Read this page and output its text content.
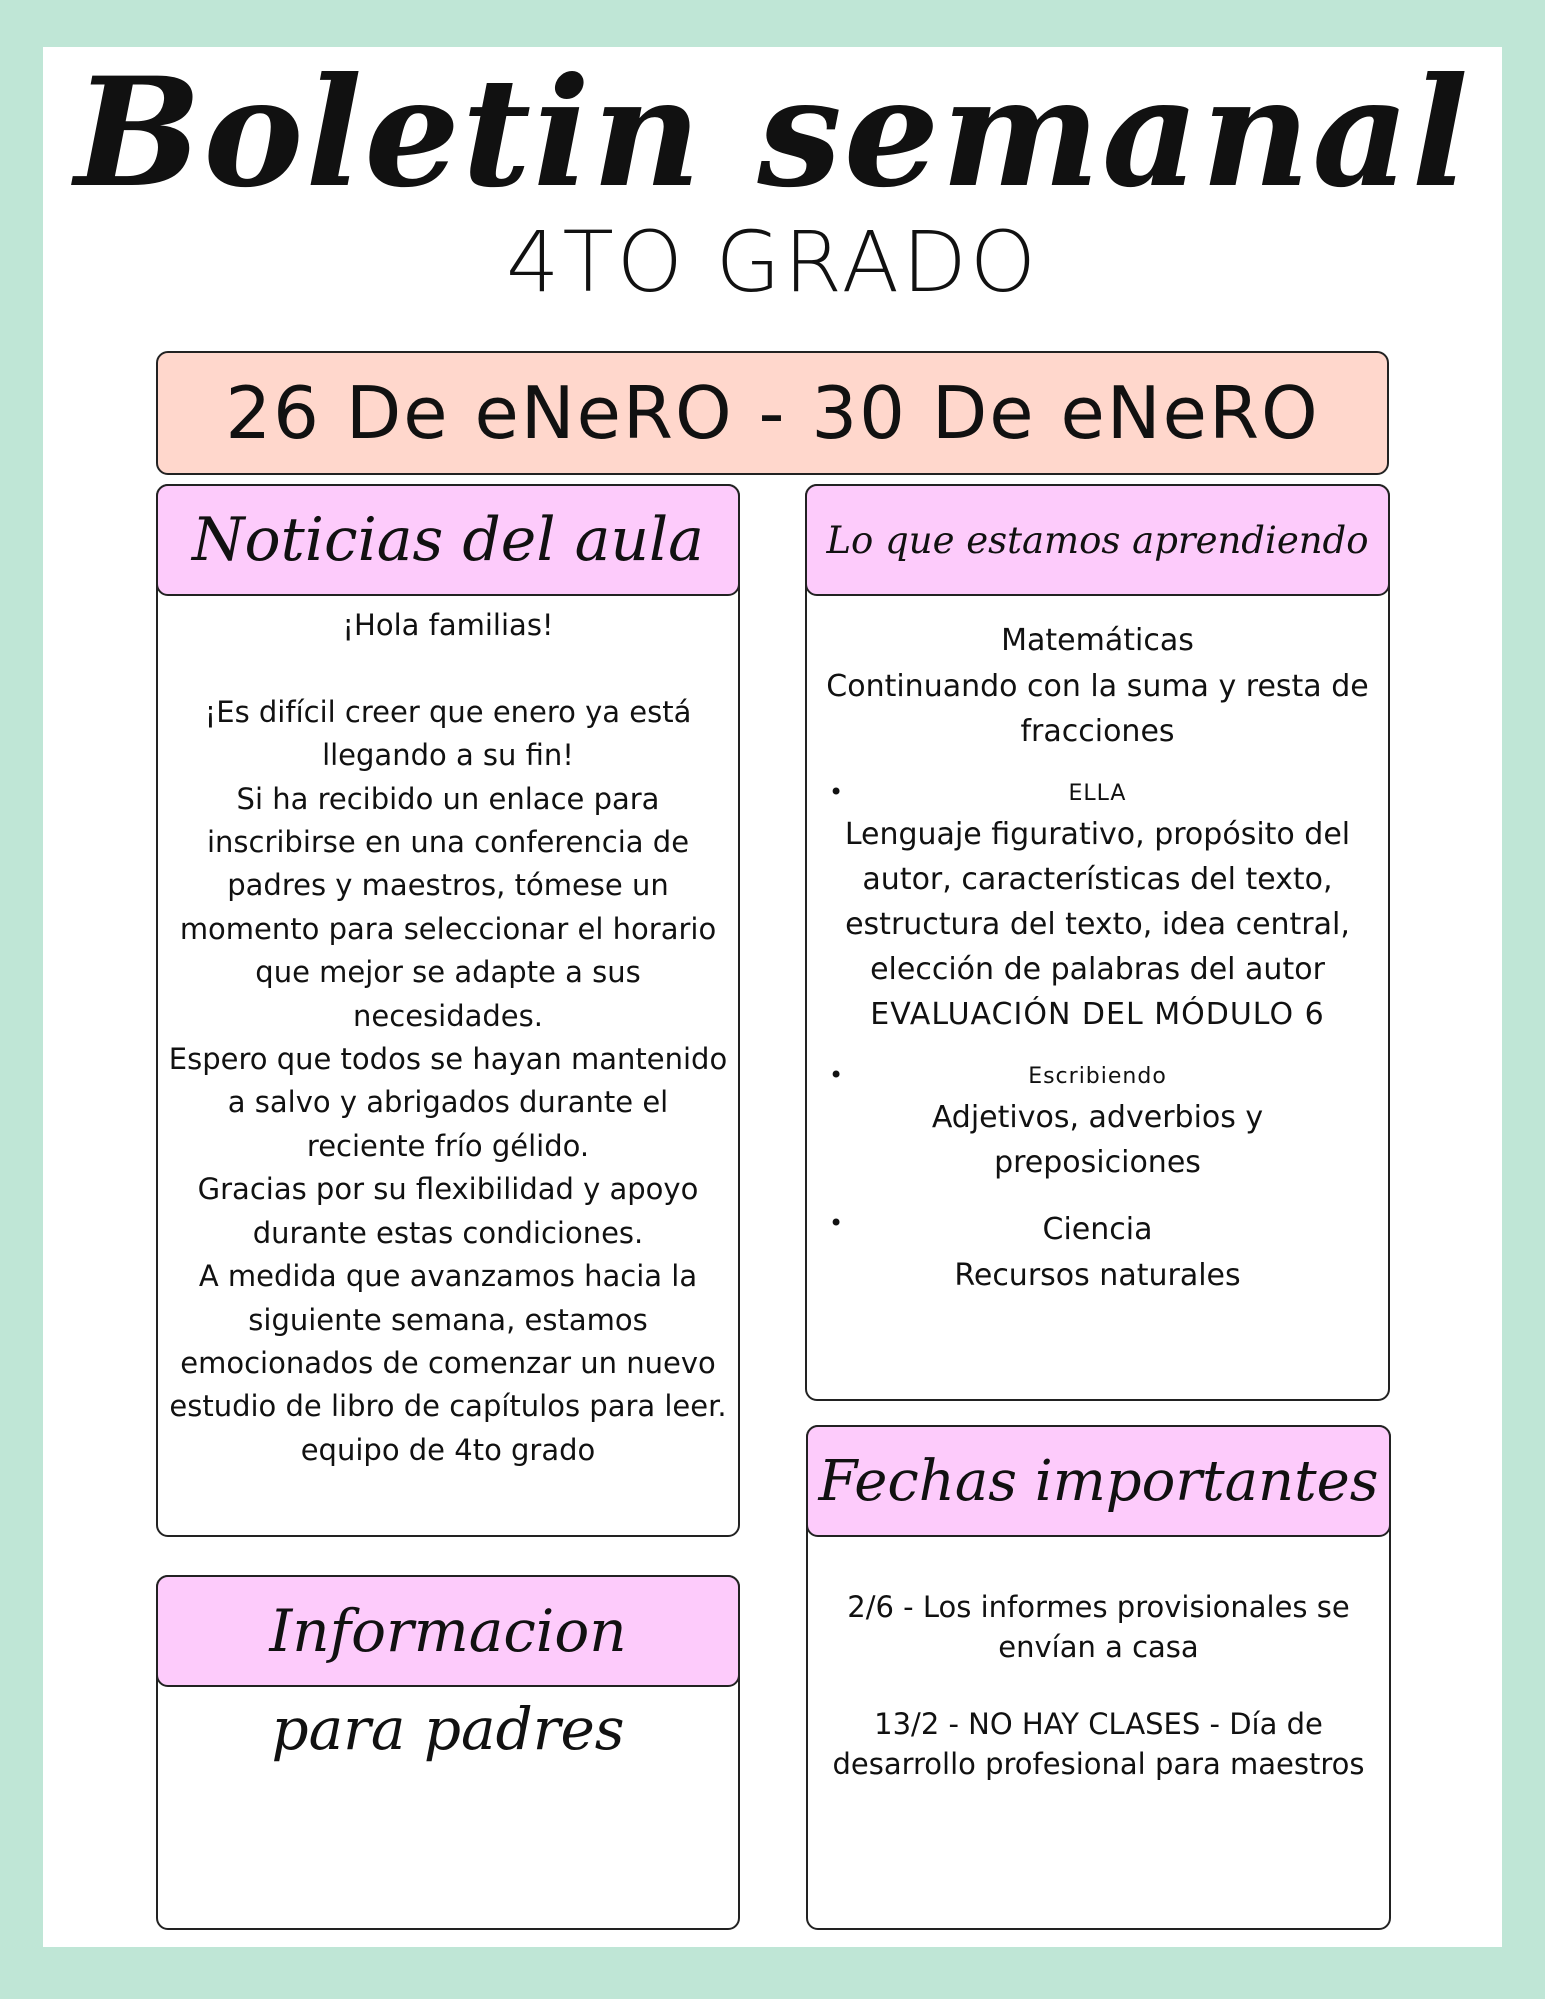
Boletin semanal
4TO GRADO
26 De eNeRO - 30 De eNeRO
Noticias del aula
¡Hola familias!

¡Es difícil creer que enero ya está llegando a su fin!
Si ha recibido un enlace para inscribirse en una conferencia de padres y maestros, tómese un momento para seleccionar el horario que mejor se adapte a sus necesidades.
Espero que todos se hayan mantenido a salvo y abrigados durante el reciente frío gélido.
Gracias por su flexibilidad y apoyo durante estas condiciones.
A medida que avanzamos hacia la siguiente semana, estamos emocionados de comenzar un nuevo estudio de libro de capítulos para leer.
equipo de 4to grado
Lo que estamos aprendiendo
Matemáticas
Continuando con la suma y resta de fracciones
•	ELLA
Lenguaje figurativo, propósito del autor, características del texto, estructura del texto, idea central, elección de palabras del autor
EVALUACIÓN DEL MÓDULO 6
•	Escribiendo
Adjetivos, adverbios y
preposiciones
•	Ciencia
Recursos naturales
Fechas importantes
2/6 - Los informes provisionales se envían a casa
13/2 - NO HAY CLASES - Día de desarrollo profesional para maestros
Informacion
para padres
